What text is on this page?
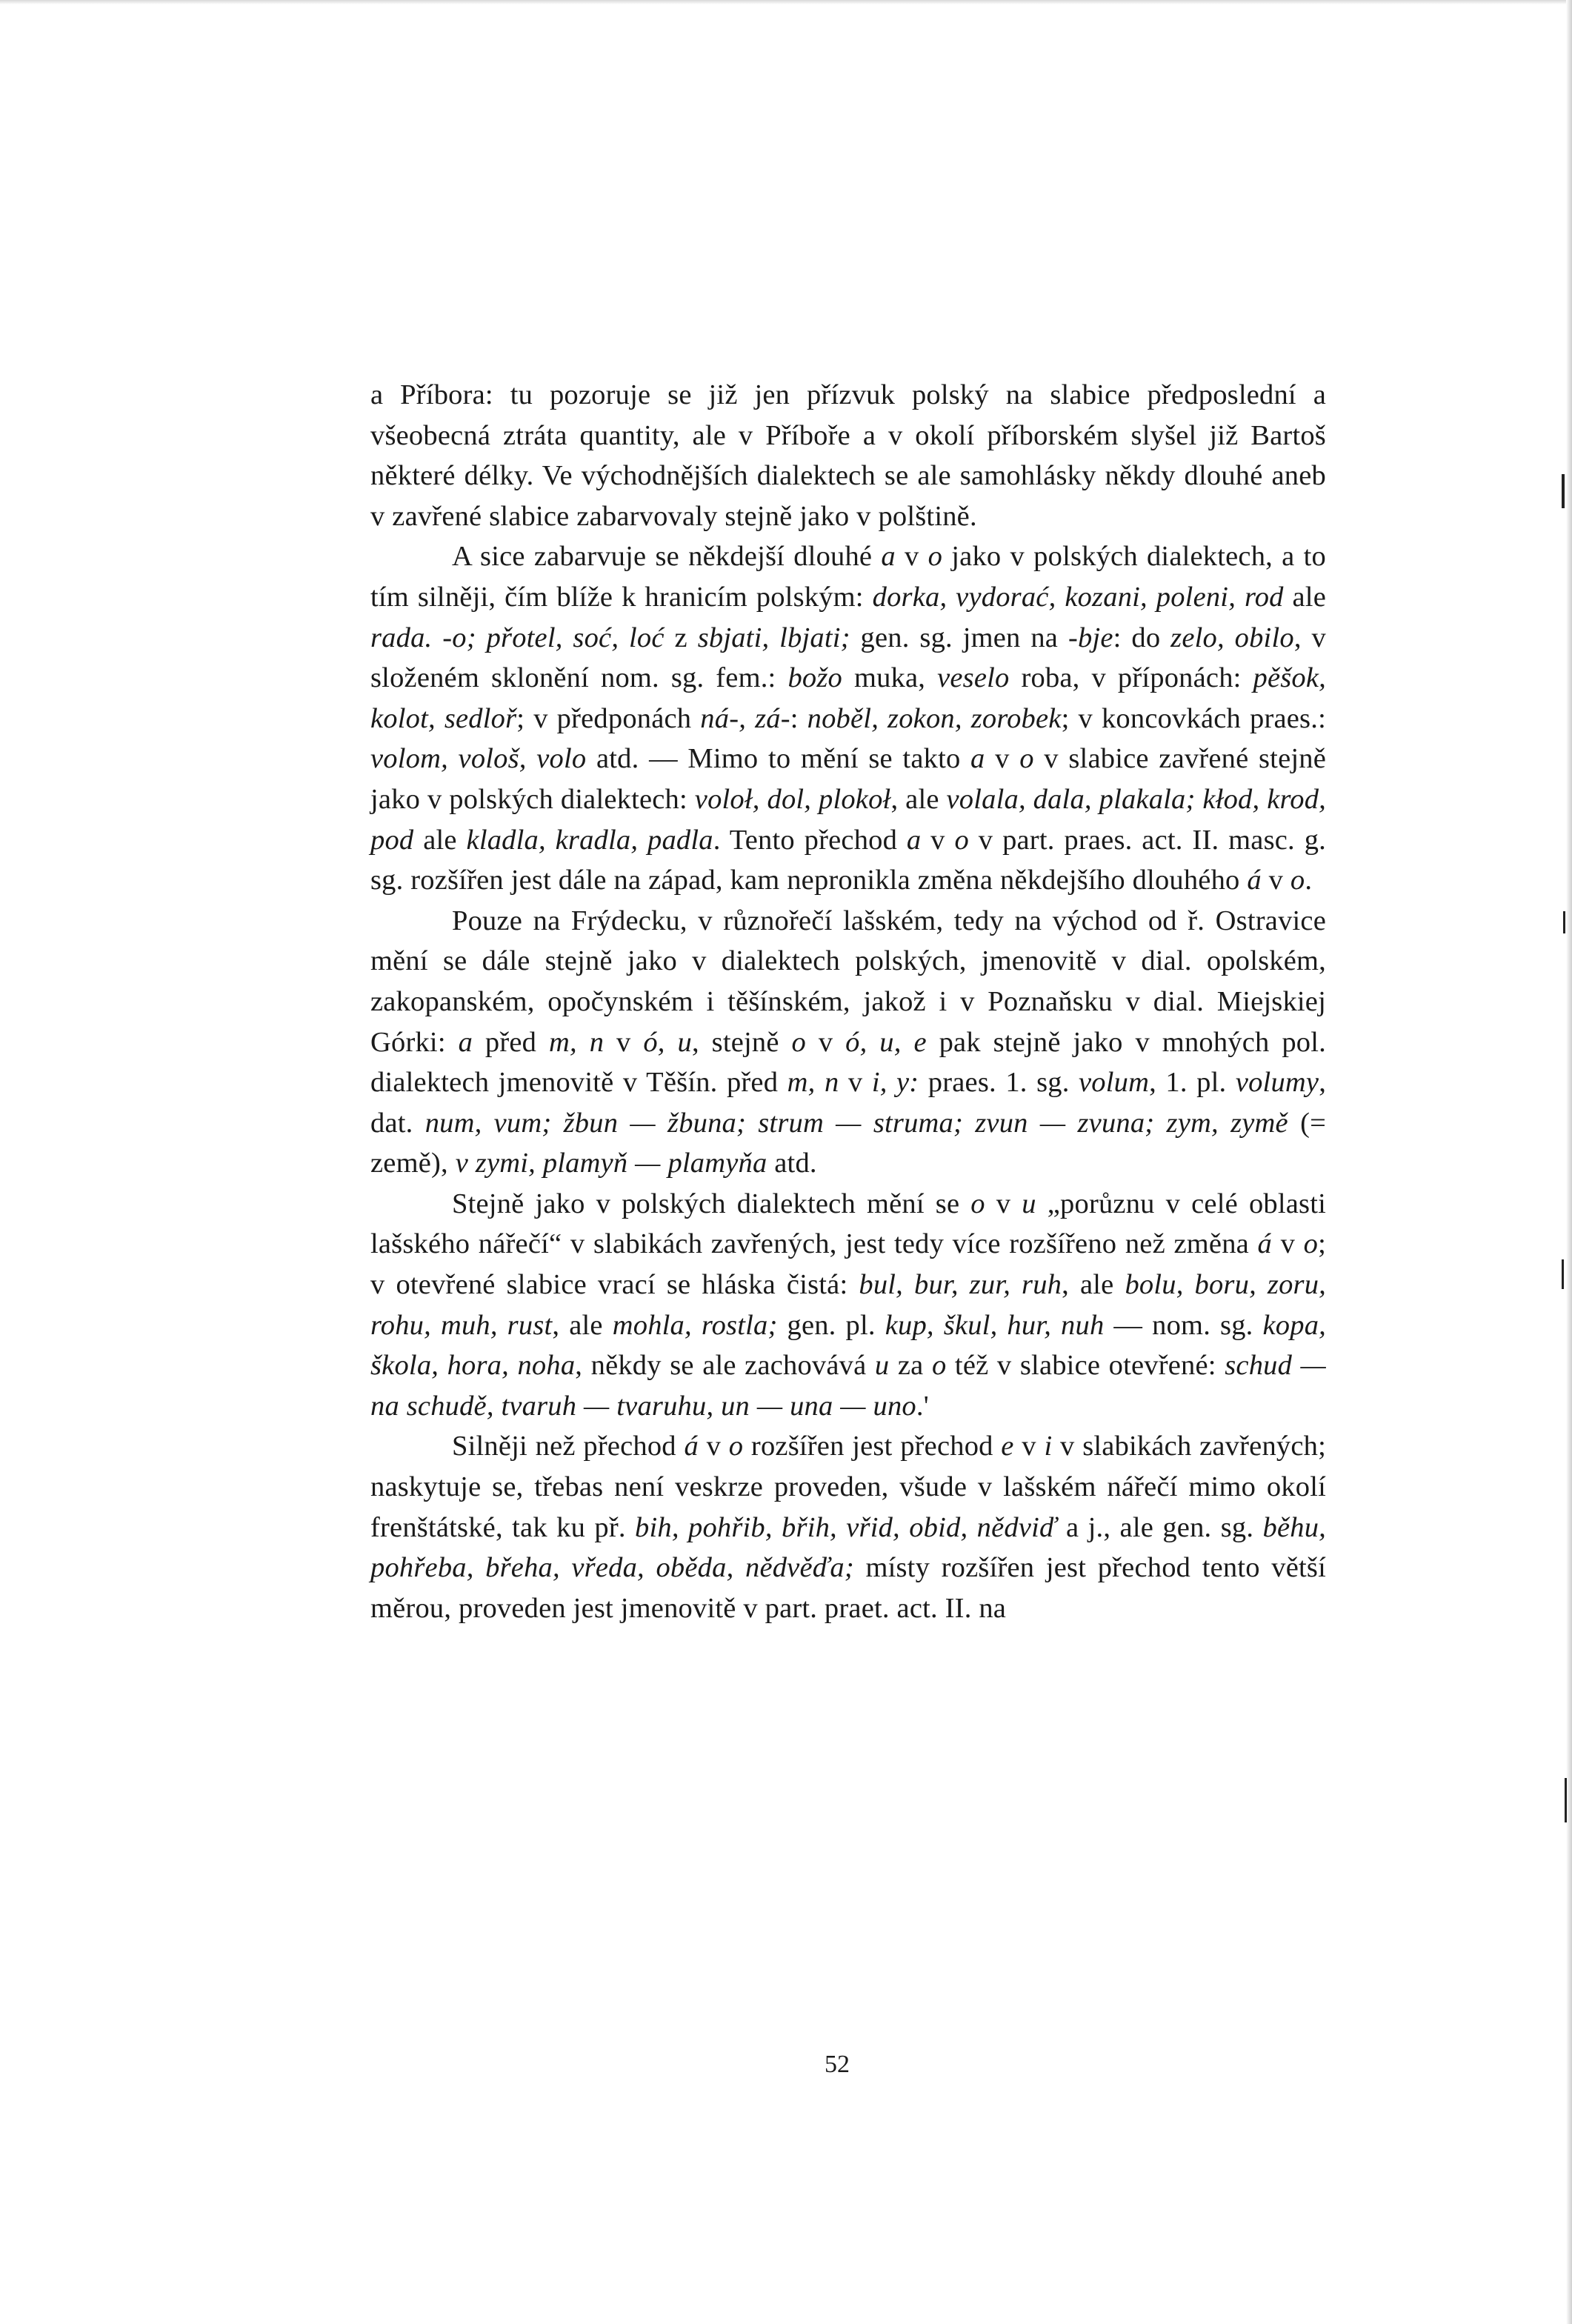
a Příbora: tu pozoruje se již jen přízvuk polský na slabice předposlední a všeobecná ztráta quantity, ale v Příboře a v okolí příborském slyšel již Bartoš některé délky. Ve východnějších dialektech se ale samohlásky někdy dlouhé aneb v zavřené slabice zabarvovaly stejně jako v polštině.

A sice zabarvuje se někdejší dlouhé a v o jako v polských dialektech, a to tím silněji, čím blíže k hranicím polským: dorka, vydorać, kozani, poleni, rod ale rada. -o; přotel, soć, loć z sbjati, lbjati; gen. sg. jmen na -bje: do zelo, obilo, v složeném sklonění nom. sg. fem.: božo muka, veselo roba, v příponách: pěšok, kolot, sedloř; v předponách ná-, zá-: noběl, zokon, zorobek; v koncovkách praes.: volom, vološ, volo atd. — Mimo to mění se takto a v o v slabice zavřené stejně jako v polských dialektech: voloł, dol, plokoł, ale volala, dala, plakala; kłod, krod, pod ale kladla, kradla, padla. Tento přechod a v o v part. praes. act. II. masc. g. sg. rozšířen jest dále na západ, kam nepronikla změna někdejšího dlouhého á v o.

Pouze na Frýdecku, v různořečí lašském, tedy na východ od ř. Ostravice mění se dále stejně jako v dialektech polských, jmenovitě v dial. opolském, zakopanském, opočynském i těšínském, jakož i v Poznaňsku v dial. Miejskiej Górki: a před m, n v ó, u, stejně o v ó, u, e pak stejně jako v mnohých pol. dialektech jmenovitě v Těšín. před m, n v i, y: praes. 1. sg. volum, 1. pl. volumy, dat. num, vum; žbun — žbuna; strum — struma; zvun — zvuna; zym, zymě (= země), v zymi, plamyň — plamyňa atd.

Stejně jako v polských dialektech mění se o v u „porůznu v celé oblasti lašského nářečí“ v slabikách zavřených, jest tedy více rozšířeno než změna á v o; v otevřené slabice vrací se hláska čistá: bul, bur, zur, ruh, ale bolu, boru, zoru, rohu, muh, rust, ale mohla, rostla; gen. pl. kup, škul, hur, nuh — nom. sg. kopa, škola, hora, noha, někdy se ale zachovává u za o též v slabice otevřené: schud — na schudě, tvaruh — tvaruhu, un — una — uno.'

Silněji než přechod á v o rozšířen jest přechod e v i v slabikách zavřených; naskytuje se, třebas není veskrze proveden, všude v lašském nářečí mimo okolí frenštátské, tak ku př. bih, pohřib, břih, vřid, obid, nědviď a j., ale gen. sg. běhu, pohřeba, břeha, vředa, oběda, nědvěďa; místy rozšířen jest přechod tento větší měrou, proveden jest jmenovitě v part. praet. act. II. na

52
